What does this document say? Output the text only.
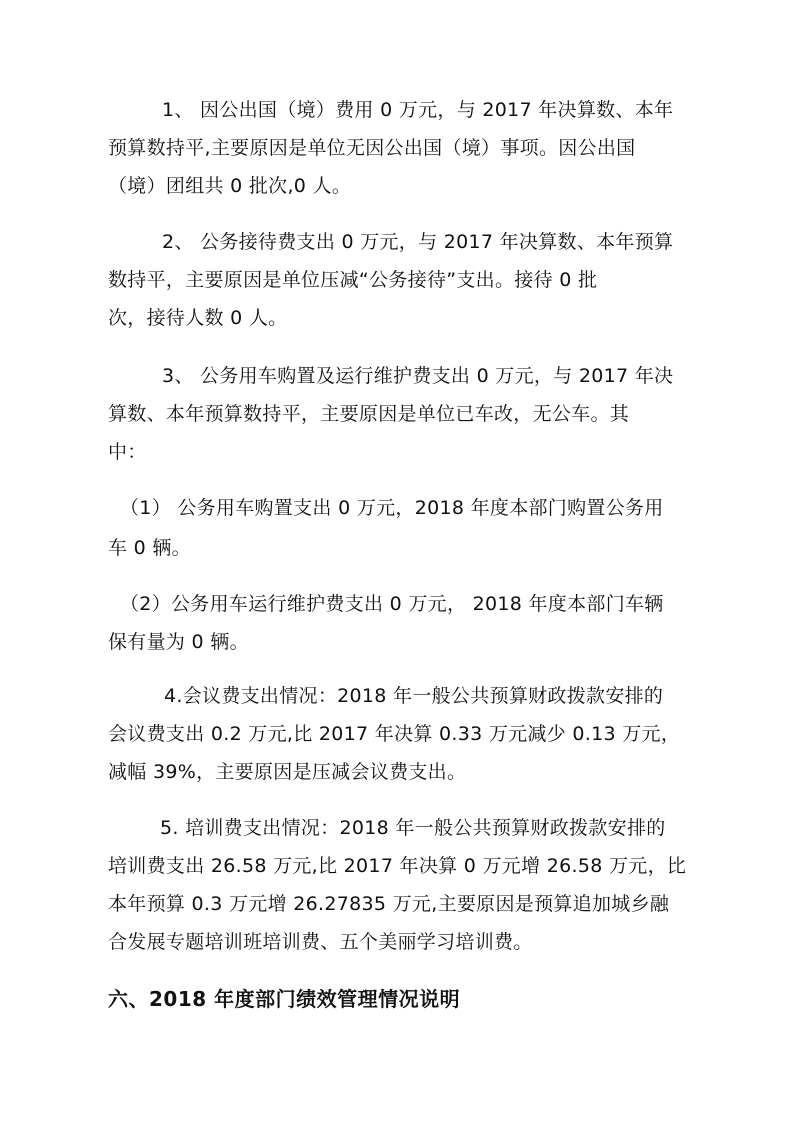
1、 因公出国（境）费用 0 万元，与 2017 年决算数、本年
预算数持平,主要原因是单位无因公出国（境）事项。因公出国
（境）团组共 0 批次,0 人。
2、 公务接待费支出 0 万元，与 2017 年决算数、本年预算
数持平，主要原因是单位压减“公务接待”支出。接待 0 批
次，接待人数 0 人。
3、 公务用车购置及运行维护费支出 0 万元，与 2017 年决
算数、本年预算数持平，主要原因是单位已车改，无公车。其
中：
（1） 公务用车购置支出 0 万元，2018 年度本部门购置公务用
车 0 辆。
（2）公务用车运行维护费支出 0 万元， 2018 年度本部门车辆
保有量为 0 辆。
4.会议费支出情况：2018 年一般公共预算财政拨款安排的
会议费支出 0.2 万元,比 2017 年决算 0.33 万元减少 0.13 万元，
减幅 39%，主要原因是压减会议费支出。
5. 培训费支出情况：2018 年一般公共预算财政拨款安排的
培训费支出 26.58 万元,比 2017 年决算 0 万元增 26.58 万元，比
本年预算 0.3 万元增 26.27835 万元,主要原因是预算追加城乡融
合发展专题培训班培训费、五个美丽学习培训费。
六、2018 年度部门绩效管理情况说明
